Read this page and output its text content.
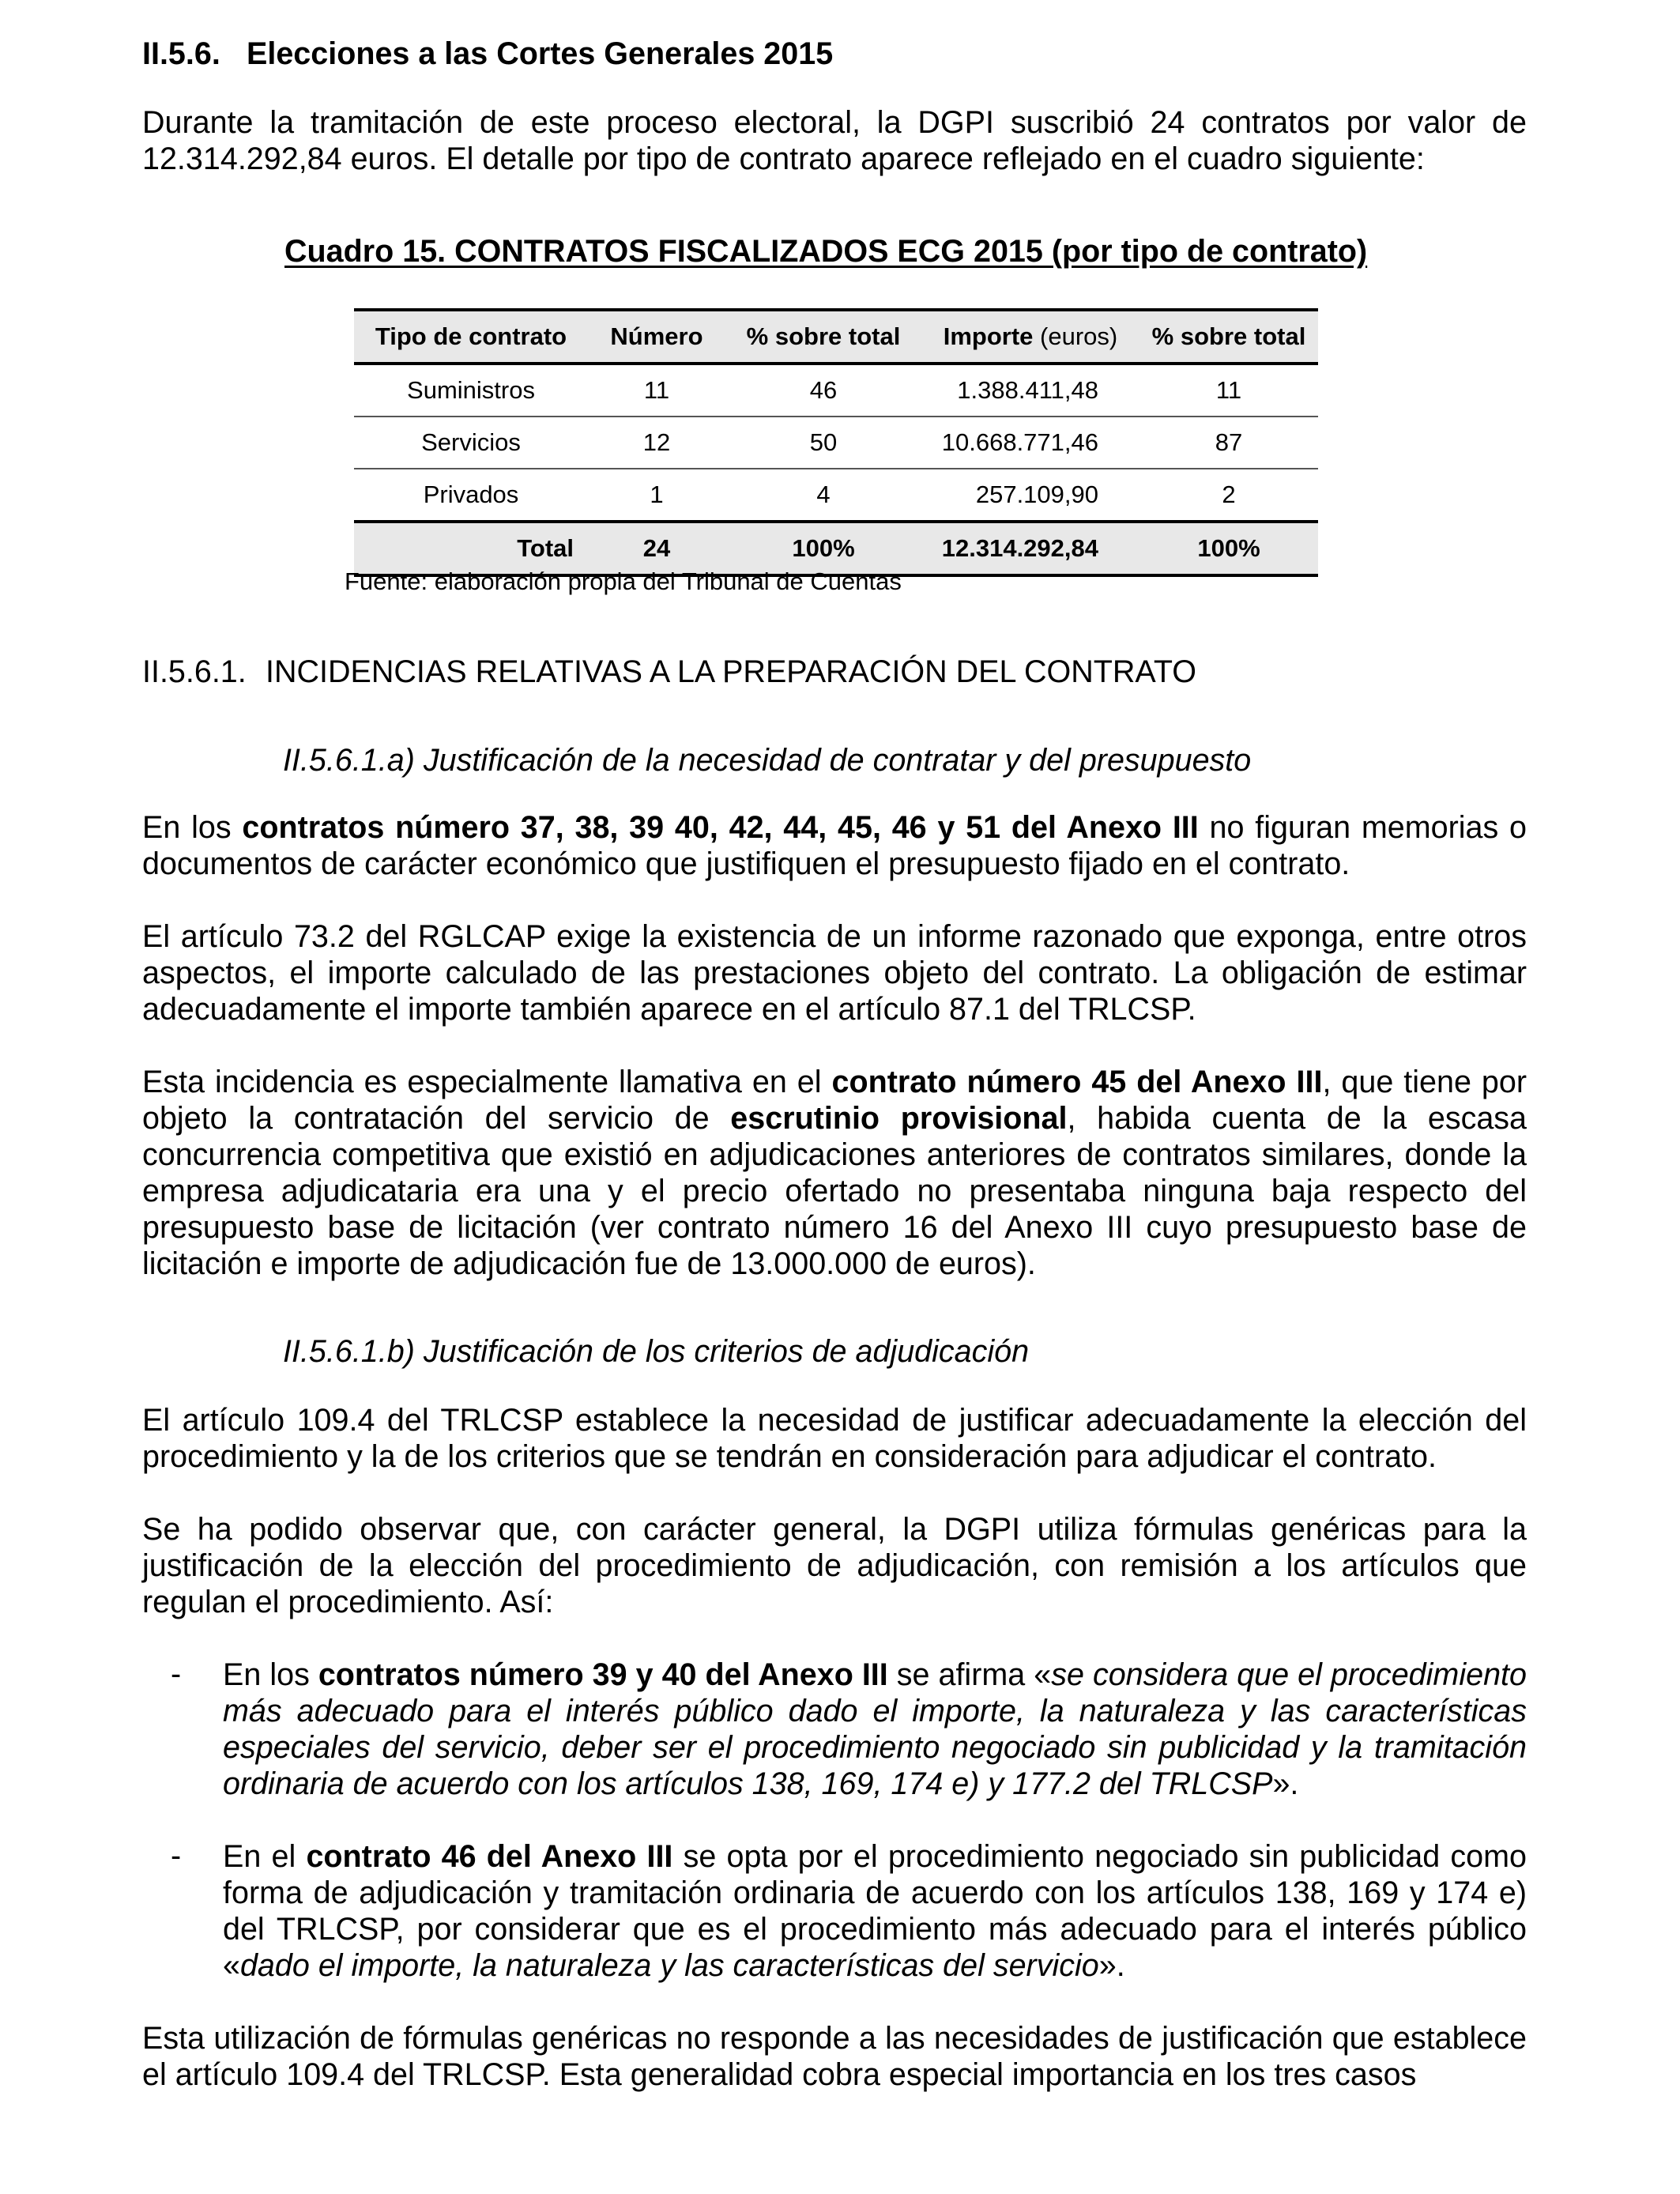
II.5.6. Elecciones a las Cortes Generales 2015
Durante la tramitación de este proceso electoral, la DGPI suscribió 24 contratos por valor de 12.314.292,84 euros. El detalle por tipo de contrato aparece reflejado en el cuadro siguiente:
Cuadro 15. CONTRATOS FISCALIZADOS ECG 2015 (por tipo de contrato)
Tipo de contrato	Número	% sobre total	Importe (euros)	% sobre total
Suministros	11	46	1.388.411,48	11
Servicios	12	50	10.668.771,46	87
Privados	1	4	257.109,90	2
Total	24	100%	12.314.292,84	100%
Fuente: elaboración propia del Tribunal de Cuentas
II.5.6.1. INCIDENCIAS RELATIVAS A LA PREPARACIÓN DEL CONTRATO
II.5.6.1.a) Justificación de la necesidad de contratar y del presupuesto
En los contratos número 37, 38, 39 40, 42, 44, 45, 46 y 51 del Anexo III no figuran memorias o documentos de carácter económico que justifiquen el presupuesto fijado en el contrato.
El artículo 73.2 del RGLCAP exige la existencia de un informe razonado que exponga, entre otros aspectos, el importe calculado de las prestaciones objeto del contrato. La obligación de estimar adecuadamente el importe también aparece en el artículo 87.1 del TRLCSP.
Esta incidencia es especialmente llamativa en el contrato número 45 del Anexo III, que tiene por objeto la contratación del servicio de escrutinio provisional, habida cuenta de la escasa concurrencia competitiva que existió en adjudicaciones anteriores de contratos similares, donde la empresa adjudicataria era una y el precio ofertado no presentaba ninguna baja respecto del presupuesto base de licitación (ver contrato número 16 del Anexo III cuyo presupuesto base de licitación e importe de adjudicación fue de 13.000.000 de euros).
II.5.6.1.b) Justificación de los criterios de adjudicación
El artículo 109.4 del TRLCSP establece la necesidad de justificar adecuadamente la elección del procedimiento y la de los criterios que se tendrán en consideración para adjudicar el contrato.
Se ha podido observar que, con carácter general, la DGPI utiliza fórmulas genéricas para la justificación de la elección del procedimiento de adjudicación, con remisión a los artículos que regulan el procedimiento. Así:
- En los contratos número 39 y 40 del Anexo III se afirma «se considera que el procedimiento más adecuado para el interés público dado el importe, la naturaleza y las características especiales del servicio, deber ser el procedimiento negociado sin publicidad y la tramitación ordinaria de acuerdo con los artículos 138, 169, 174 e) y 177.2 del TRLCSP».
- En el contrato 46 del Anexo III se opta por el procedimiento negociado sin publicidad como forma de adjudicación y tramitación ordinaria de acuerdo con los artículos 138, 169 y 174 e) del TRLCSP, por considerar que es el procedimiento más adecuado para el interés público «dado el importe, la naturaleza y las características del servicio».
Esta utilización de fórmulas genéricas no responde a las necesidades de justificación que establece el artículo 109.4 del TRLCSP. Esta generalidad cobra especial importancia en los tres casos
